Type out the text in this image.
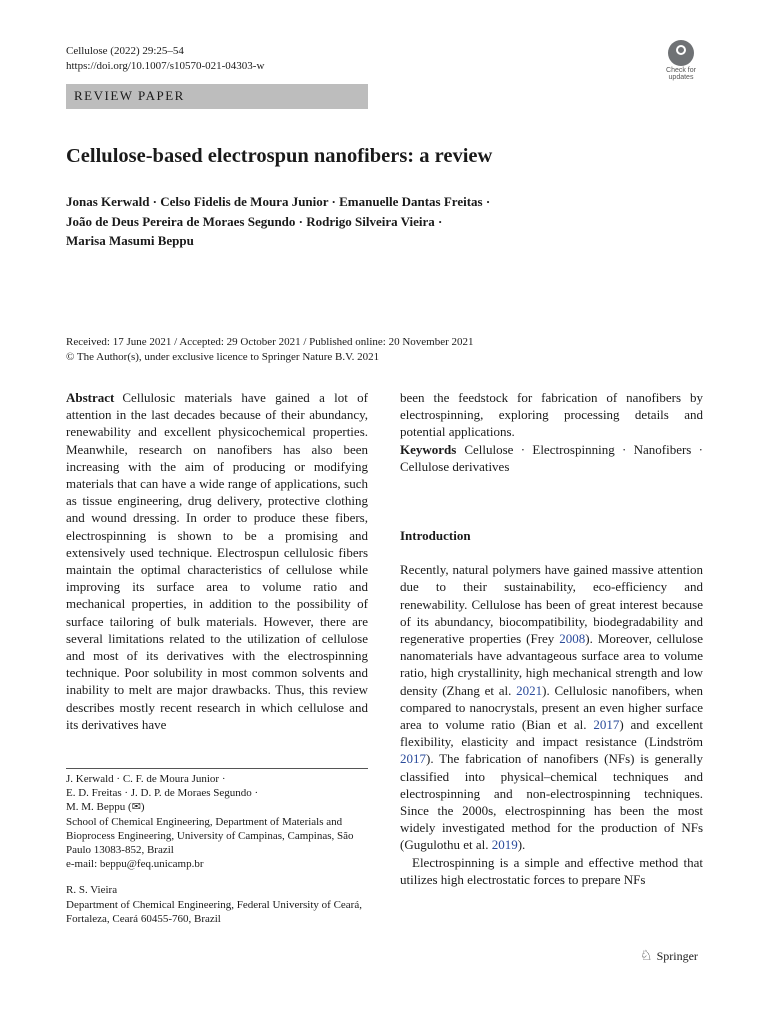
Cellulose (2022) 29:25–54
https://doi.org/10.1007/s10570-021-04303-w	Check for
updates
REVIEW PAPER
Cellulose-based electrospun nanofibers: a review
Jonas Kerwald · Celso Fidelis de Moura Junior · Emanuelle Dantas Freitas ·
João de Deus Pereira de Moraes Segundo · Rodrigo Silveira Vieira ·
Marisa Masumi Beppu
Received: 17 June 2021 / Accepted: 29 October 2021 / Published online: 20 November 2021
© The Author(s), under exclusive licence to Springer Nature B.V. 2021

Abstract Cellulosic materials have gained a lot of attention in the last decades because of their abundancy, renewability and excellent physicochemical properties. Meanwhile, research on nanofibers has also been increasing with the aim of producing or modifying materials that can have a wide range of applications, such as tissue engineering, drug delivery, protective clothing and wound dressing. In order to produce these fibers, electrospinning is shown to be a promising and extensively used technique. Electrospun cellulosic fibers maintain the optimal characteristics of cellulose while improving its surface area to volume ratio and mechanical properties, in addition to the possibility of surface tailoring of bulk materials. However, there are several limitations related to the utilization of cellulose and most of its derivatives with the electrospinning technique. Poor solubility in most common solvents and inability to melt are major drawbacks. Thus, this review describes mostly recent research in which cellulose and its derivatives have

J. Kerwald · C. F. de Moura Junior ·

E. D. Freitas · J. D. P. de Moraes Segundo ·

M. M. Beppu (✉)

School of Chemical Engineering, Department of Materials and Bioprocess Engineering, University of Campinas, Campinas, São Paulo 13083-852, Brazil

e-mail: beppu@feq.unicamp.br

R. S. Vieira

Department of Chemical Engineering, Federal University of Ceará, Fortaleza, Ceará 60455-760, Brazil

been the feedstock for fabrication of nanofibers by electrospinning, exploring processing details and potential applications.

Keywords Cellulose · Electrospinning · Nanofibers · Cellulose derivatives

Introduction

Recently, natural polymers have gained massive attention due to their sustainability, eco-efficiency and renewability. Cellulose has been of great interest because of its abundancy, biocompatibility, biodegradability and regenerative properties (Frey 2008). Moreover, cellulose nanomaterials have advantageous surface area to volume ratio, high crystallinity, high mechanical strength and low density (Zhang et al. 2021). Cellulosic nanofibers, when compared to nanocrystals, present an even higher surface area to volume ratio (Bian et al. 2017) and excellent flexibility, elasticity and impact resistance (Lindström 2017). The fabrication of nanofibers (NFs) is generally classified into physical–chemical techniques and electrospinning and non-electrospinning techniques. Since the 2000s, electrospinning has been the most widely investigated method for the production of NFs (Gugulothu et al. 2019).

Electrospinning is a simple and effective method that utilizes high electrostatic forces to prepare NFs

♘ Springer
